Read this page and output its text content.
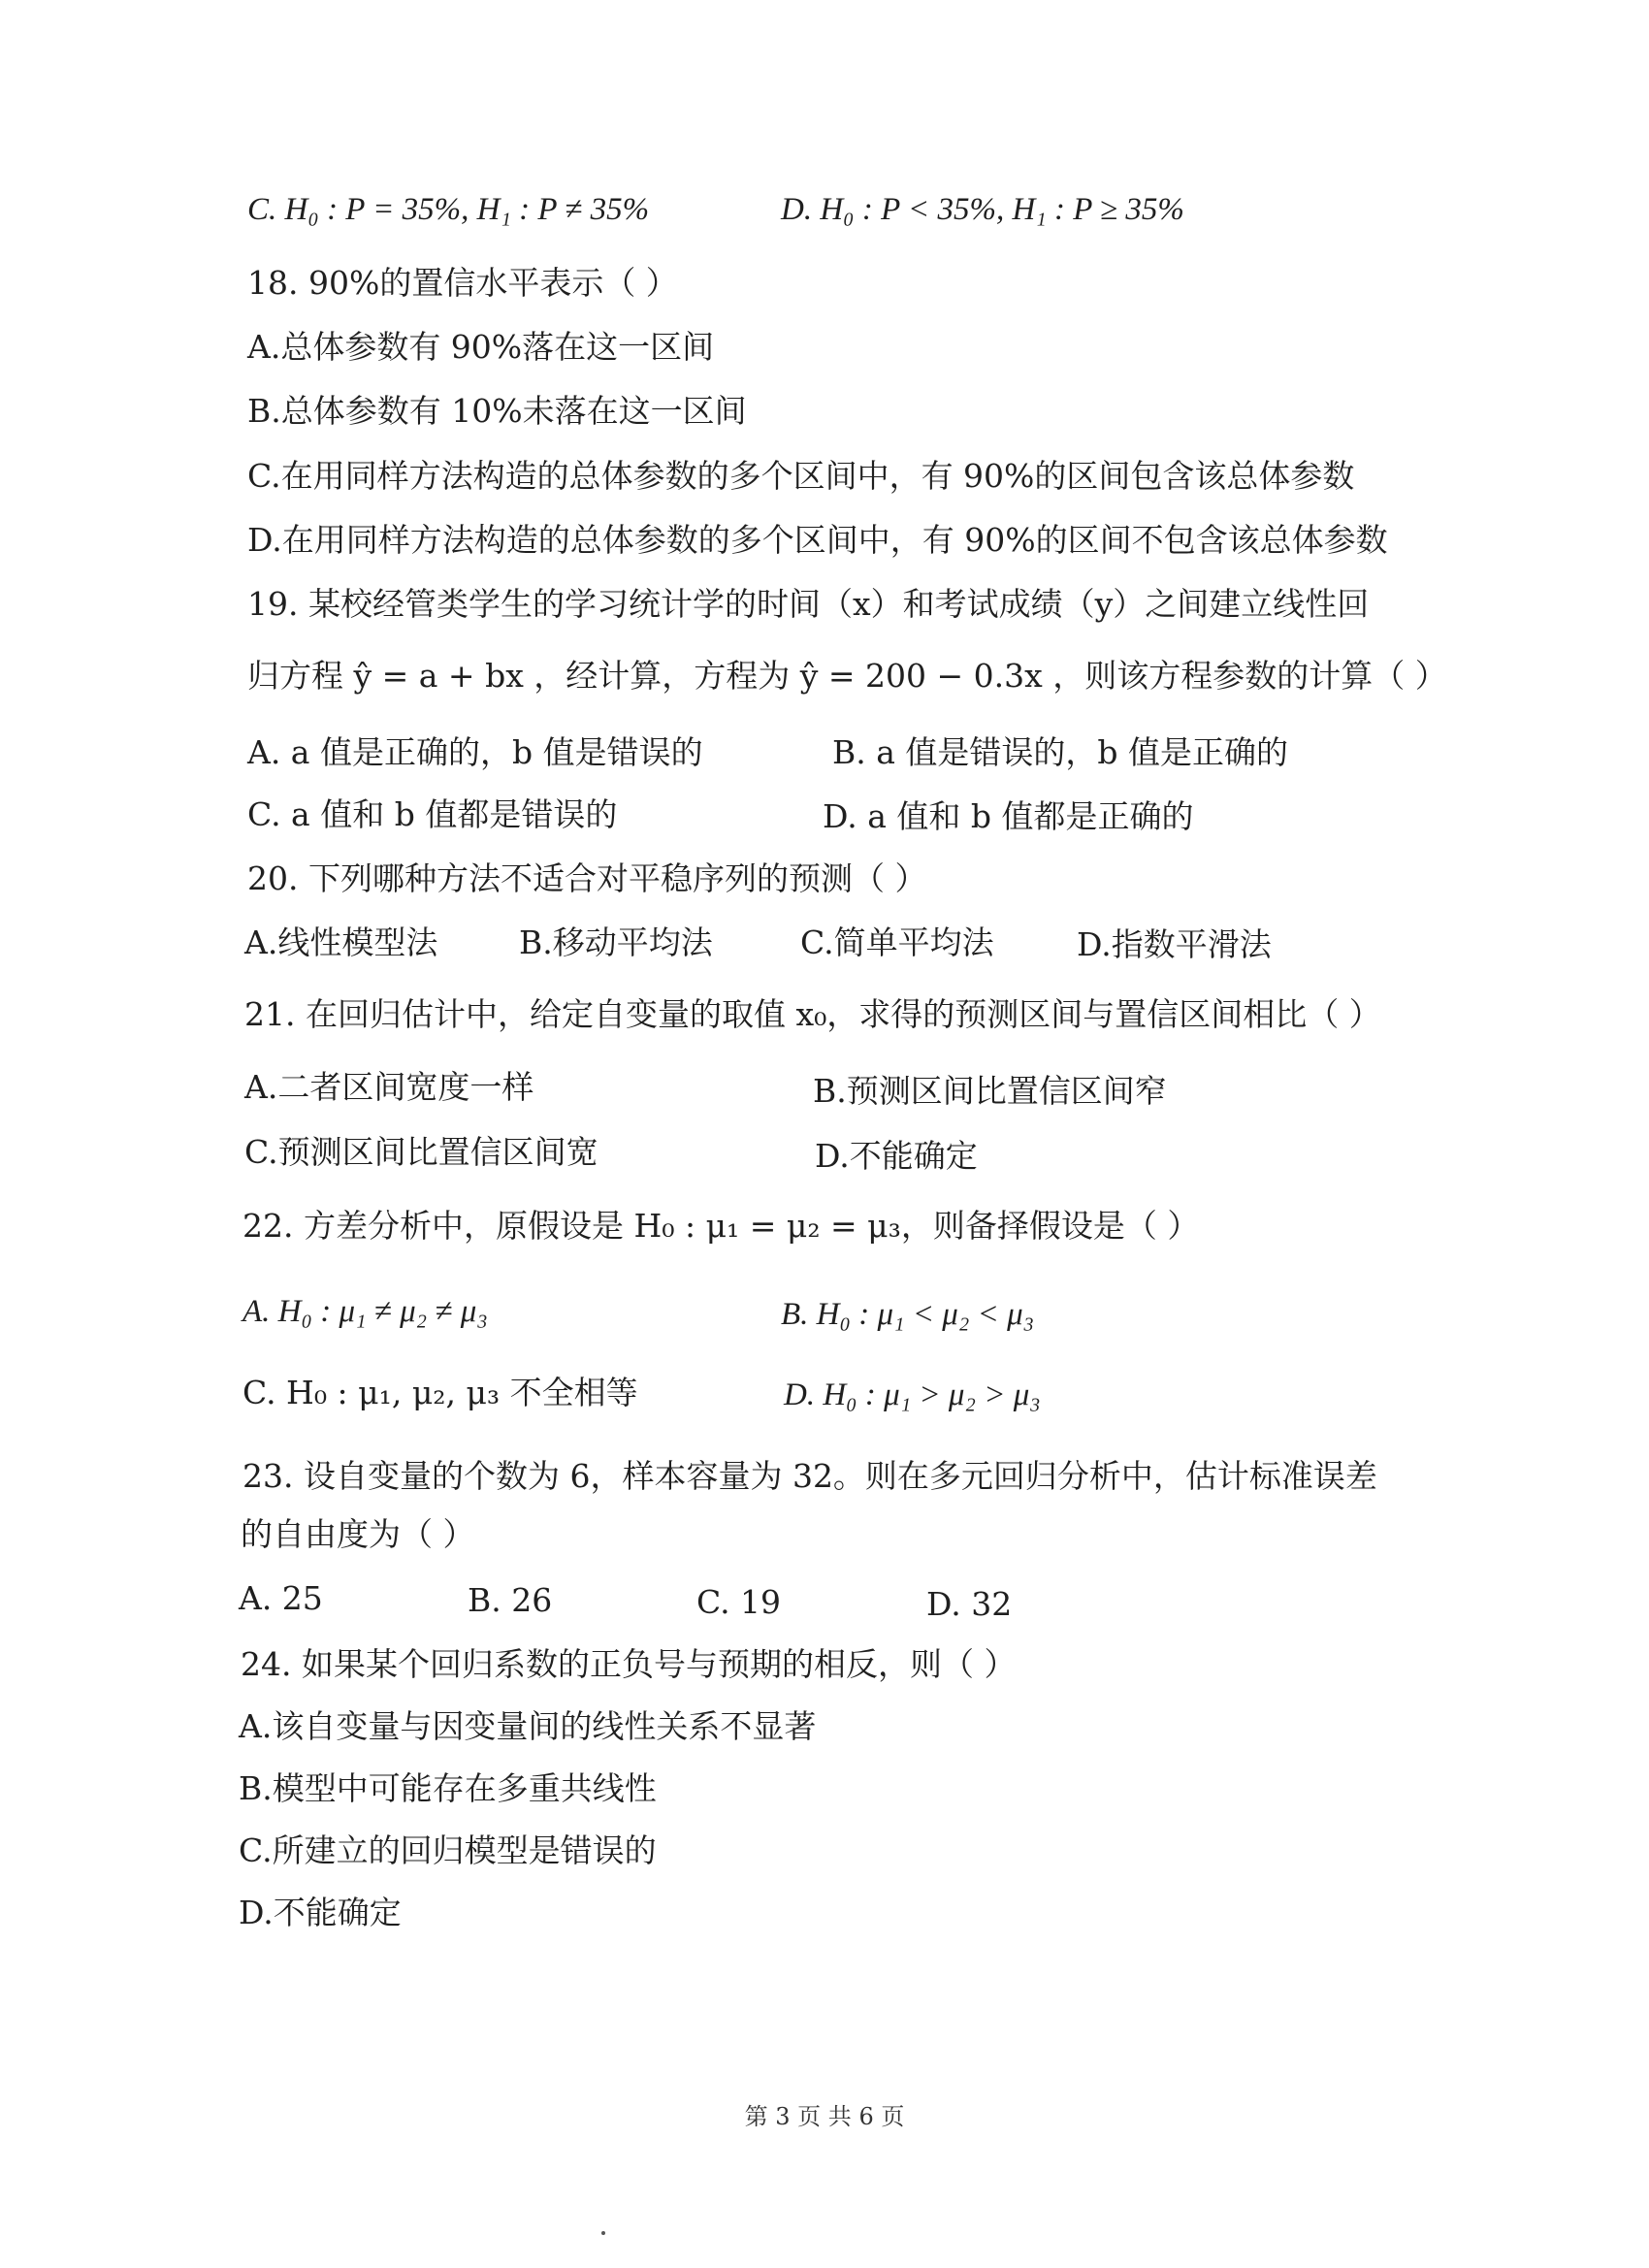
C. H₀ : P = 35%, H₁ : P ≠ 35%	D. H₀ : P < 35%, H₁ : P ≥ 35%
18. 90%的置信水平表示（ ）
A.总体参数有 90%落在这一区间
B.总体参数有 10%未落在这一区间
C.在用同样方法构造的总体参数的多个区间中，有 90%的区间包含该总体参数
D.在用同样方法构造的总体参数的多个区间中，有 90%的区间不包含该总体参数
19. 某校经管类学生的学习统计学的时间（x）和考试成绩（y）之间建立线性回
归方程 ŷ = a + bx ，经计算，方程为 ŷ = 200 − 0.3x ，则该方程参数的计算（ ）
A. a 值是正确的，b 值是错误的	B. a 值是错误的，b 值是正确的
C. a 值和 b 值都是错误的	D. a 值和 b 值都是正确的
20. 下列哪种方法不适合对平稳序列的预测（ ）
A.线性模型法	B.移动平均法	C.简单平均法	D.指数平滑法
21. 在回归估计中，给定自变量的取值 x₀，求得的预测区间与置信区间相比（ ）
A.二者区间宽度一样	B.预测区间比置信区间窄
C.预测区间比置信区间宽	D.不能确定
22. 方差分析中，原假设是 H₀ : μ₁ = μ₂ = μ₃，则备择假设是（ ）
A. H₀ : μ₁ ≠ μ₂ ≠ μ₃	B. H₀ : μ₁ < μ₂ < μ₃
C. H₀ : μ₁, μ₂, μ₃ 不全相等	D. H₀ : μ₁ > μ₂ > μ₃
23. 设自变量的个数为 6，样本容量为 32。则在多元回归分析中，估计标准误差
的自由度为（ ）
A. 25	B. 26	C. 19	D. 32
24. 如果某个回归系数的正负号与预期的相反，则（ ）
A.该自变量与因变量间的线性关系不显著
B.模型中可能存在多重共线性
C.所建立的回归模型是错误的
D.不能确定
第 3 页 共 6 页
